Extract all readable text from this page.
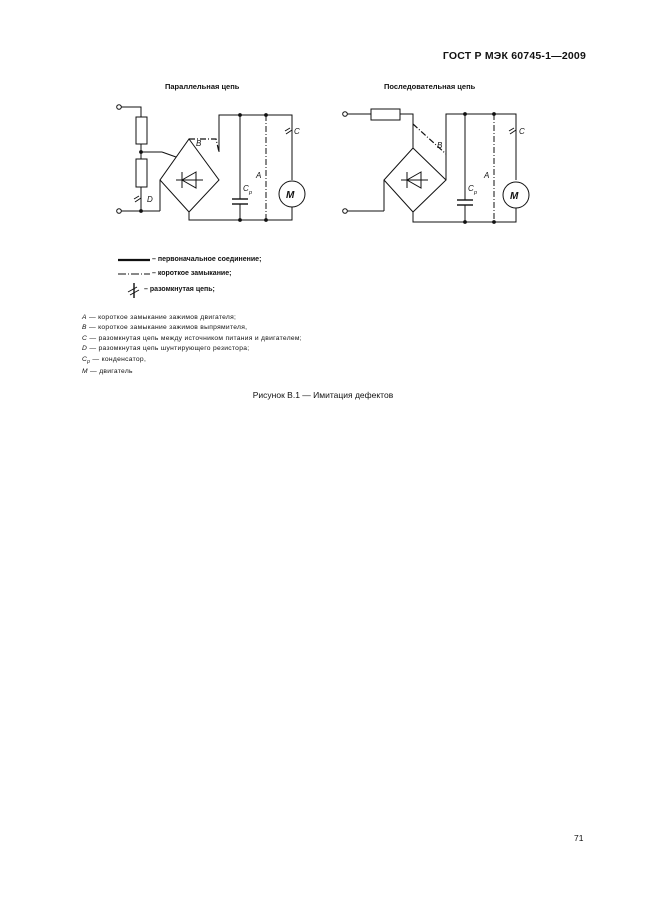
ГОСТ Р МЭК 60745-1—2009
Параллельная цепь	Последовательная цепь
B
C
D
A
C p	M
B
C
A
C p	M
– первоначальное соединение;
– короткое замыкание;
– разомкнутая цепь;
A — короткое замыкание зажимов двигателя;
B — короткое замыкание зажимов выпрямителя,
C — разомкнутая цепь между источником питания и двигателем;
D — разомкнутая цепь шунтирующего резистора;
$C_p$ — конденсатор,
M — двигатель
Рисунок В.1 — Имитация дефектов
71
